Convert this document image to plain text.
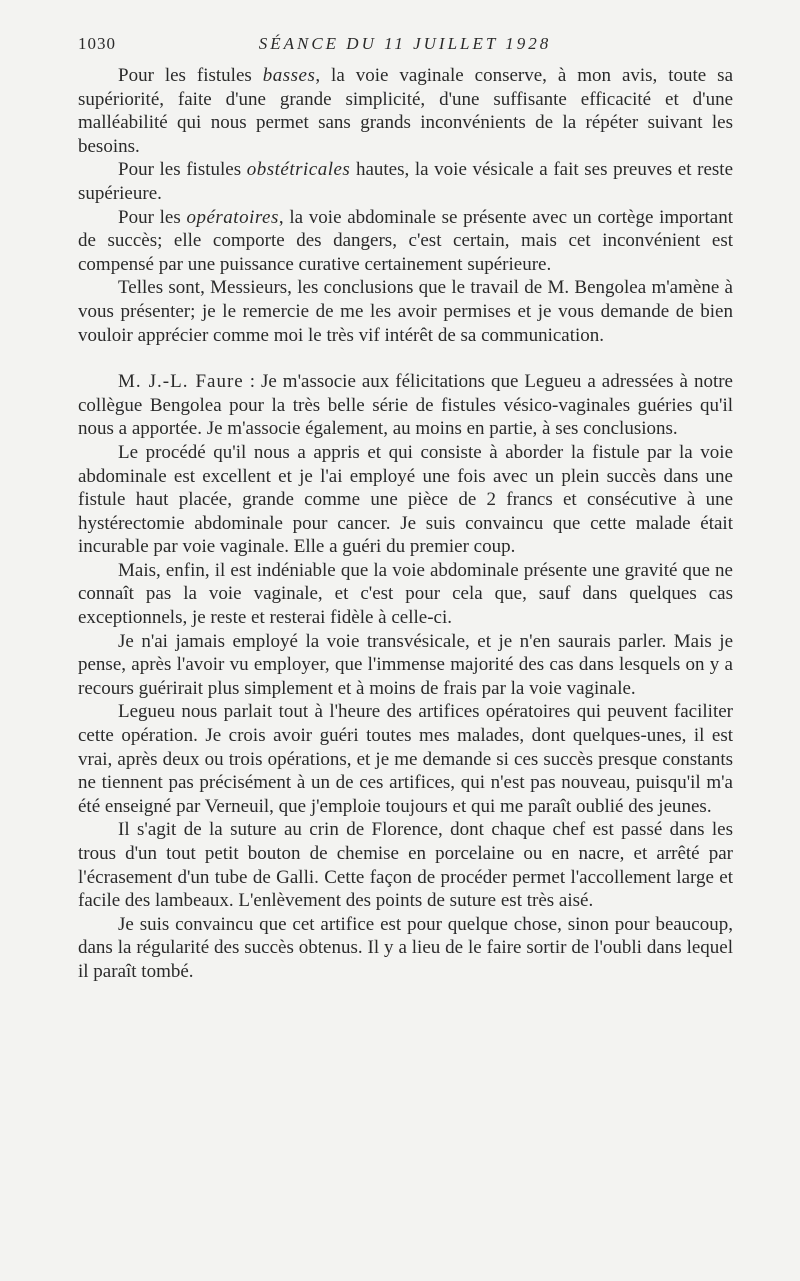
1030	SÉANCE DU 11 JUILLET 1928

Pour les fistules basses, la voie vaginale conserve, à mon avis, toute sa supériorité, faite d'une grande simplicité, d'une suffisante efficacité et d'une malléabilité qui nous permet sans grands inconvénients de la répéter suivant les besoins.

Pour les fistules obstétricales hautes, la voie vésicale a fait ses preuves et reste supérieure.

Pour les opératoires, la voie abdominale se présente avec un cortège important de succès; elle comporte des dangers, c'est certain, mais cet inconvénient est compensé par une puissance curative certainement supérieure.

Telles sont, Messieurs, les conclusions que le travail de M. Bengolea m'amène à vous présenter; je le remercie de me les avoir permises et je vous demande de bien vouloir apprécier comme moi le très vif intérêt de sa communication.

M. J.-L. Faure : Je m'associe aux félicitations que Legueu a adressées à notre collègue Bengolea pour la très belle série de fistules vésico-vaginales guéries qu'il nous a apportée. Je m'associe également, au moins en partie, à ses conclusions.

Le procédé qu'il nous a appris et qui consiste à aborder la fistule par la voie abdominale est excellent et je l'ai employé une fois avec un plein succès dans une fistule haut placée, grande comme une pièce de 2 francs et consécutive à une hystérectomie abdominale pour cancer. Je suis convaincu que cette malade était incurable par voie vaginale. Elle a guéri du premier coup.

Mais, enfin, il est indéniable que la voie abdominale présente une gravité que ne connaît pas la voie vaginale, et c'est pour cela que, sauf dans quelques cas exceptionnels, je reste et resterai fidèle à celle-ci.

Je n'ai jamais employé la voie transvésicale, et je n'en saurais parler. Mais je pense, après l'avoir vu employer, que l'immense majorité des cas dans lesquels on y a recours guérirait plus simplement et à moins de frais par la voie vaginale.

Legueu nous parlait tout à l'heure des artifices opératoires qui peuvent faciliter cette opération. Je crois avoir guéri toutes mes malades, dont quelques-unes, il est vrai, après deux ou trois opérations, et je me demande si ces succès presque constants ne tiennent pas précisément à un de ces artifices, qui n'est pas nouveau, puisqu'il m'a été enseigné par Verneuil, que j'emploie toujours et qui me paraît oublié des jeunes.

Il s'agit de la suture au crin de Florence, dont chaque chef est passé dans les trous d'un tout petit bouton de chemise en porcelaine ou en nacre, et arrêté par l'écrasement d'un tube de Galli. Cette façon de procéder permet l'accollement large et facile des lambeaux. L'enlèvement des points de suture est très aisé.

Je suis convaincu que cet artifice est pour quelque chose, sinon pour beaucoup, dans la régularité des succès obtenus. Il y a lieu de le faire sortir de l'oubli dans lequel il paraît tombé.
